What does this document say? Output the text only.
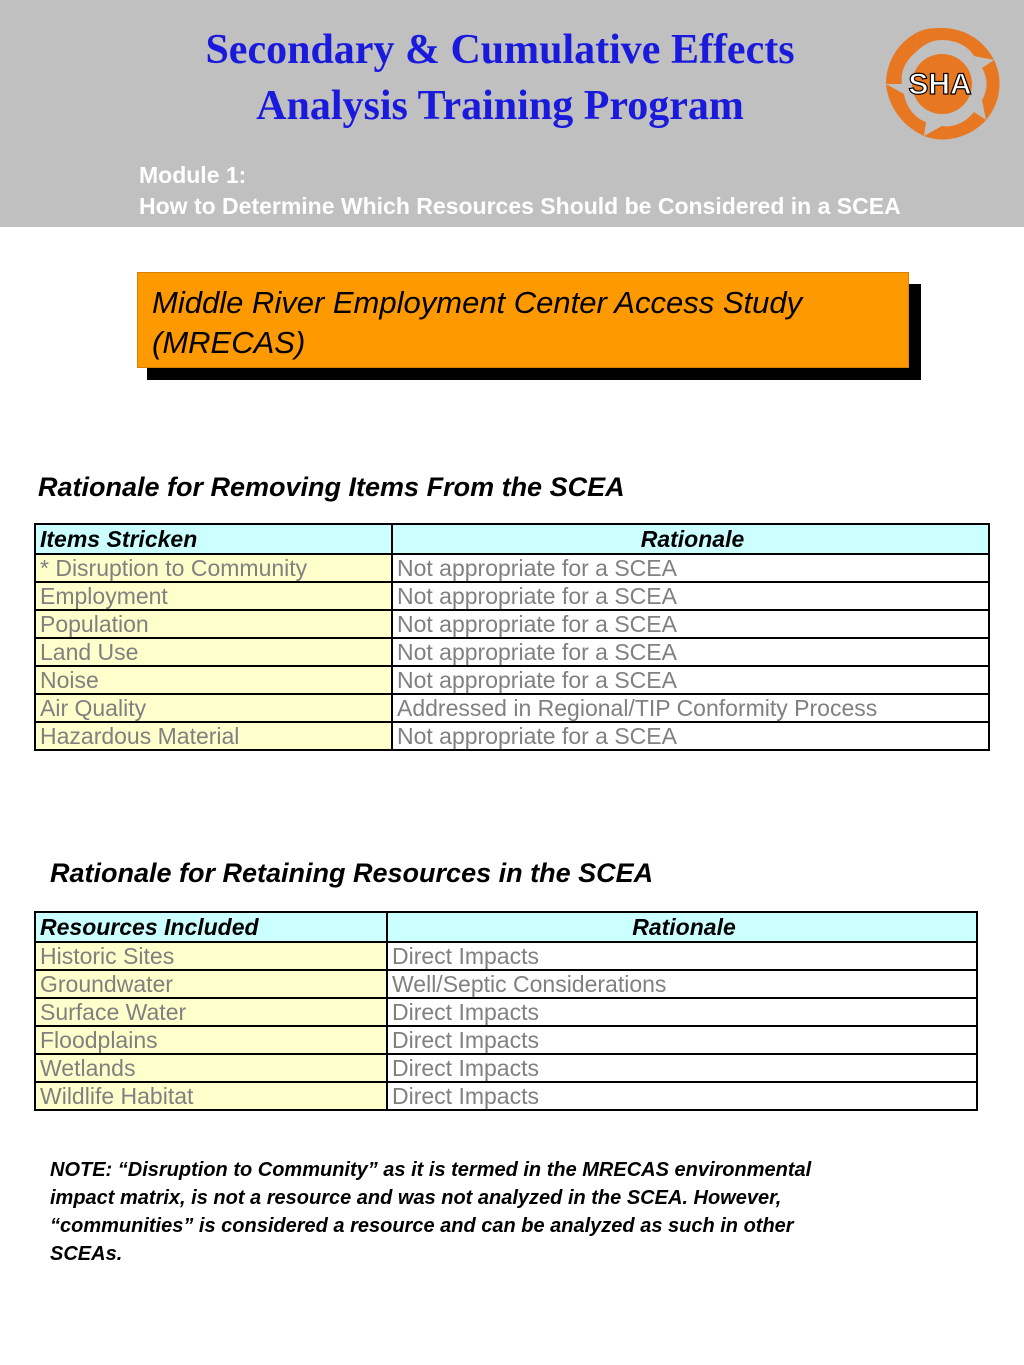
Secondary & Cumulative Effects
Analysis Training Program	SHA
Module 1:
How to Determine Which Resources Should be Considered in a SCEA
Middle River Employment Center Access Study
(MRECAS)
Rationale for Removing Items From the SCEA
Items Stricken	Rationale
* Disruption to Community	Not appropriate for a SCEA
Employment	Not appropriate for a SCEA
Population	Not appropriate for a SCEA
Land Use	Not appropriate for a SCEA
Noise	Not appropriate for a SCEA
Air Quality	Addressed in Regional/TIP Conformity Process
Hazardous Material	Not appropriate for a SCEA
Rationale for Retaining Resources in the SCEA
Resources Included	Rationale
Historic Sites	Direct Impacts
Groundwater	Well/Septic Considerations
Surface Water	Direct Impacts
Floodplains	Direct Impacts
Wetlands	Direct Impacts
Wildlife Habitat	Direct Impacts
NOTE: “Disruption to Community” as it is termed in the MRECAS environmental
impact matrix, is not a resource and was not analyzed in the SCEA. However,
“communities” is considered a resource and can be analyzed as such in other
SCEAs.
